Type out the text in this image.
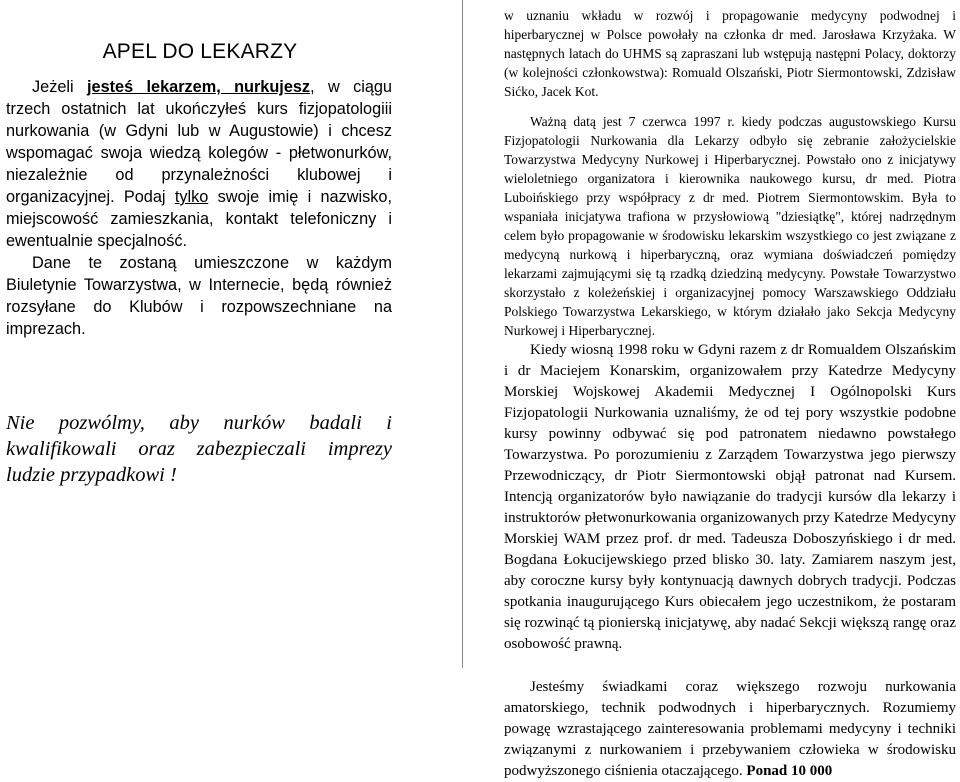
APEL DO LEKARZY

Jeżeli jesteś lekarzem, nurkujesz, w ciągu trzech ostatnich lat ukończyłeś kurs fizjopatologiii nurkowania (w Gdyni lub w Augustowie) i chcesz wspomagać swoja wiedzą kolegów - płetwonurków, niezależnie od przynależności klubowej i organizacyjnej. Podaj tylko swoje imię i nazwisko, miejscowość zamieszkania, kontakt telefoniczny i ewentualnie specjalność.

Dane te zostaną umieszczone w każdym Biuletynie Towarzystwa, w Internecie, będą również rozsyłane do Klubów i rozpowszechniane na imprezach.

Nie pozwólmy, aby nurków badali i kwalifikowali oraz zabezpieczali imprezy ludzie przypadkowi !

w uznaniu wkładu w rozwój i propagowanie medycyny podwodnej i hiperbarycznej w Polsce powołały na członka dr med. Jarosława Krzyżaka. W następnych latach do UHMS są zapraszani lub wstępują następni Polacy, doktorzy (w kolejności członkowstwa): Romuald Olszański, Piotr Siermontowski, Zdzisław Sićko, Jacek Kot.

Ważną datą jest 7 czerwca 1997 r. kiedy podczas augustowskiego Kursu Fizjopatologii Nurkowania dla Lekarzy odbyło się zebranie założycielskie Towarzystwa Medycyny Nurkowej i Hiperbarycznej. Powstało ono z inicjatywy wieloletniego organizatora i kierownika naukowego kursu, dr med. Piotra Luboińskiego przy współpracy z dr med. Piotrem Siermontowskim. Była to wspaniała inicjatywa trafiona w przysłowiową "dziesiątkę", której nadrzędnym celem było propagowanie w środowisku lekarskim wszystkiego co jest związane z medycyną nurkową i hiperbaryczną, oraz wymiana doświadczeń pomiędzy lekarzami zajmującymi się tą rzadką dziedziną medycyny. Powstałe Towarzystwo skorzystało z koleżeńskiej i organizacyjnej pomocy Warszawskiego Oddziału Polskiego Towarzystwa Lekarskiego, w którym działało jako Sekcja Medycyny Nurkowej i Hiperbarycznej.

Kiedy wiosną 1998 roku w Gdyni razem z dr Romualdem Olszańskim i dr Maciejem Konarskim, organizowałem przy Katedrze Medycyny Morskiej Wojskowej Akademii Medycznej I Ogólnopolski Kurs Fizjopatologii Nurkowania uznaliśmy, że od tej pory wszystkie podobne kursy powinny odbywać się pod patronatem niedawno powstałego Towarzystwa. Po porozumieniu z Zarządem Towarzystwa jego pierwszy Przewodniczący, dr Piotr Siermontowski objął patronat nad Kursem. Intencją organizatorów było nawiązanie do tradycji kursów dla lekarzy i instruktorów płetwonurkowania organizowanych przy Katedrze Medycyny Morskiej WAM przez prof. dr med. Tadeusza Doboszyńskiego i dr med. Bogdana Łokucijewskiego przed blisko 30. laty. Zamiarem naszym jest, aby coroczne kursy były kontynuacją dawnych dobrych tradycji. Podczas spotkania inaugurującego Kurs obiecałem jego uczestnikom, że postaram się rozwinąć tą pionierską inicjatywę, aby nadać Sekcji większą rangę oraz osobowość prawną.

Jesteśmy świadkami coraz większego rozwoju nurkowania amatorskiego, technik podwodnych i hiperbarycznych. Rozumiemy powagę wzrastającego zainteresowania problemami medycyny i techniki związanymi z nurkowaniem i przebywaniem człowieka w środowisku podwyższonego ciśnienia otaczającego. Ponad 10 000
